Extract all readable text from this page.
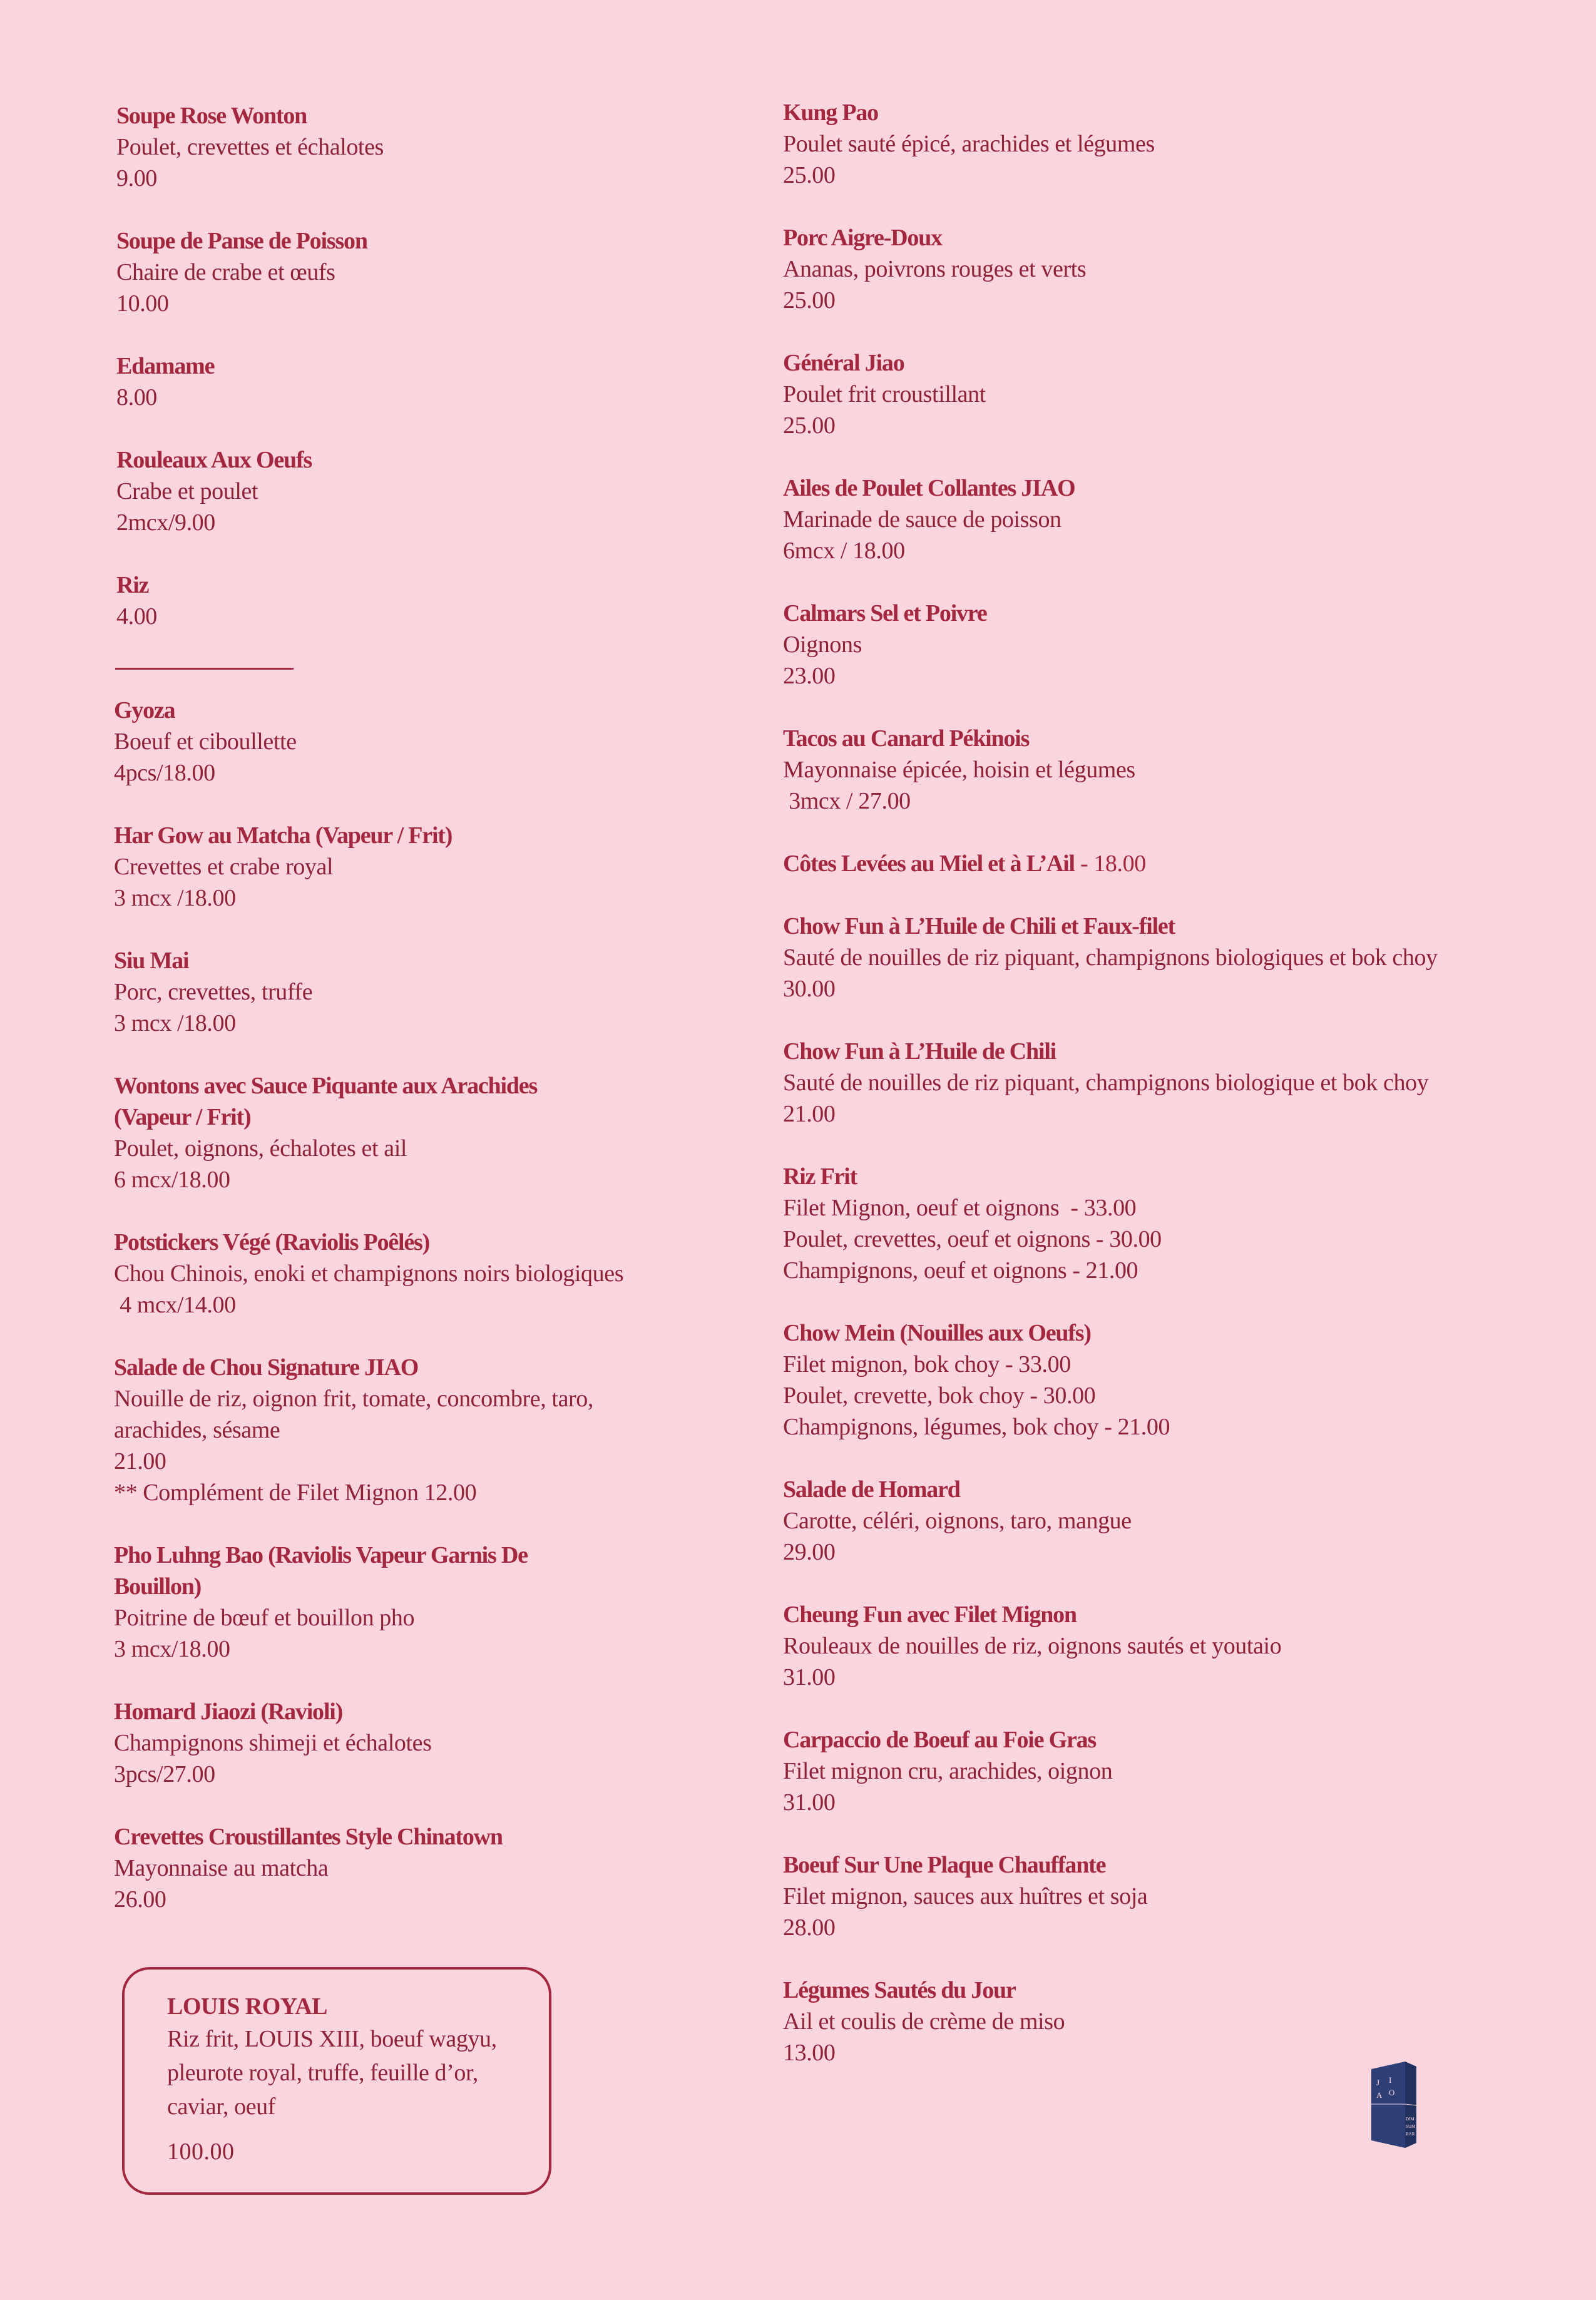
Soupe Rose Wonton
Poulet, crevettes et échalotes
9.00
Soupe de Panse de Poisson
Chaire de crabe et œufs
10.00
Edamame
8.00
Rouleaux Aux Oeufs
Crabe et poulet
2mcx/9.00
Riz
4.00
Gyoza
Boeuf et ciboullette
4pcs/18.00
Har Gow au Matcha (Vapeur / Frit)
Crevettes et crabe royal
3 mcx /18.00
Siu Mai
Porc, crevettes, truffe
3 mcx /18.00
Wontons avec Sauce Piquante aux Arachides
(Vapeur / Frit)
Poulet, oignons, échalotes et ail
6 mcx/18.00
Potstickers Végé (Raviolis Poêlés)
Chou Chinois, enoki et champignons noirs biologiques
4 mcx/14.00
Salade de Chou Signature JIAO
Nouille de riz, oignon frit, tomate, concombre, taro,
arachides, sésame
21.00
** Complément de Filet Mignon 12.00
Pho Luhng Bao (Raviolis Vapeur Garnis De
Bouillon)
Poitrine de bœuf et bouillon pho
3 mcx/18.00
Homard Jiaozi (Ravioli)
Champignons shimeji et échalotes
3pcs/27.00
Crevettes Croustillantes Style Chinatown
Mayonnaise au matcha
26.00
Kung Pao
Poulet sauté épicé, arachides et légumes
25.00
Porc Aigre-Doux
Ananas, poivrons rouges et verts
25.00
Général Jiao
Poulet frit croustillant
25.00
Ailes de Poulet Collantes JIAO
Marinade de sauce de poisson
6mcx / 18.00
Calmars Sel et Poivre
Oignons
23.00
Tacos au Canard Pékinois
Mayonnaise épicée, hoisin et légumes
3mcx / 27.00
Côtes Levées au Miel et à L’Ail - 18.00
Chow Fun à L’Huile de Chili et Faux-filet
Sauté de nouilles de riz piquant, champignons biologiques et bok choy
30.00
Chow Fun à L’Huile de Chili
Sauté de nouilles de riz piquant, champignons biologique et bok choy
21.00
Riz Frit
Filet Mignon, oeuf et oignons  - 33.00
Poulet, crevettes, oeuf et oignons - 30.00
Champignons, oeuf et oignons - 21.00
Chow Mein (Nouilles aux Oeufs)
Filet mignon, bok choy - 33.00
Poulet, crevette, bok choy - 30.00
Champignons, légumes, bok choy - 21.00
Salade de Homard
Carotte, céléri, oignons, taro, mangue
29.00
Cheung Fun avec Filet Mignon
Rouleaux de nouilles de riz, oignons sautés et youtaio
31.00
Carpaccio de Boeuf au Foie Gras
Filet mignon cru, arachides, oignon
31.00
Boeuf Sur Une Plaque Chauffante
Filet mignon, sauces aux huîtres et soja
28.00
Légumes Sautés du Jour
Ail et coulis de crème de miso
13.00
LOUIS ROYAL
Riz frit, LOUIS XIII, boeuf wagyu,
pleurote royal, truffe, feuille d’or,
caviar, oeuf
100.00
J I
A O
DIM
SUM
BAR
